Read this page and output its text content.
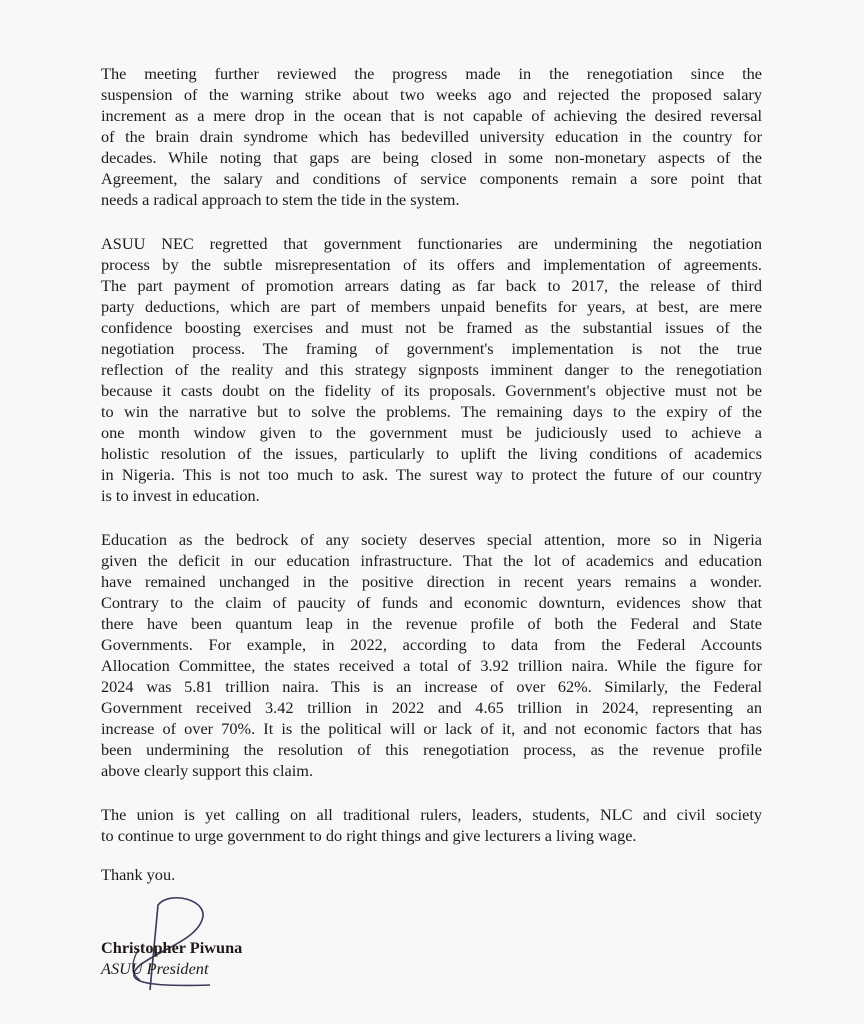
The meeting further reviewed the progress made in the renegotiation since the
suspension of the warning strike about two weeks ago and rejected the proposed salary
increment as a mere drop in the ocean that is not capable of achieving the desired reversal
of the brain drain syndrome which has bedevilled university education in the country for
decades. While noting that gaps are being closed in some non-monetary aspects of the
Agreement, the salary and conditions of service components remain a sore point that
needs a radical approach to stem the tide in the system.
ASUU NEC regretted that government functionaries are undermining the negotiation
process by the subtle misrepresentation of its offers and implementation of agreements.
The part payment of promotion arrears dating as far back to 2017, the release of third
party deductions, which are part of members unpaid benefits for years, at best, are mere
confidence boosting exercises and must not be framed as the substantial issues of the
negotiation process. The framing of government's implementation is not the true
reflection of the reality and this strategy signposts imminent danger to the renegotiation
because it casts doubt on the fidelity of its proposals. Government's objective must not be
to win the narrative but to solve the problems. The remaining days to the expiry of the
one month window given to the government must be judiciously used to achieve a
holistic resolution of the issues, particularly to uplift the living conditions of academics
in Nigeria. This is not too much to ask. The surest way to protect the future of our country
is to invest in education.
Education as the bedrock of any society deserves special attention, more so in Nigeria
given the deficit in our education infrastructure. That the lot of academics and education
have remained unchanged in the positive direction in recent years remains a wonder.
Contrary to the claim of paucity of funds and economic downturn, evidences show that
there have been quantum leap in the revenue profile of both the Federal and State
Governments. For example, in 2022, according to data from the Federal Accounts
Allocation Committee, the states received a total of 3.92 trillion naira. While the figure for
2024 was 5.81 trillion naira. This is an increase of over 62%. Similarly, the Federal
Government received 3.42 trillion in 2022 and 4.65 trillion in 2024, representing an
increase of over 70%. It is the political will or lack of it, and not economic factors that has
been undermining the resolution of this renegotiation process, as the revenue profile
above clearly support this claim.
The union is yet calling on all traditional rulers, leaders, students, NLC and civil society
to continue to urge government to do right things and give lecturers a living wage.
Thank you.
Christopher Piwuna
ASUU President
